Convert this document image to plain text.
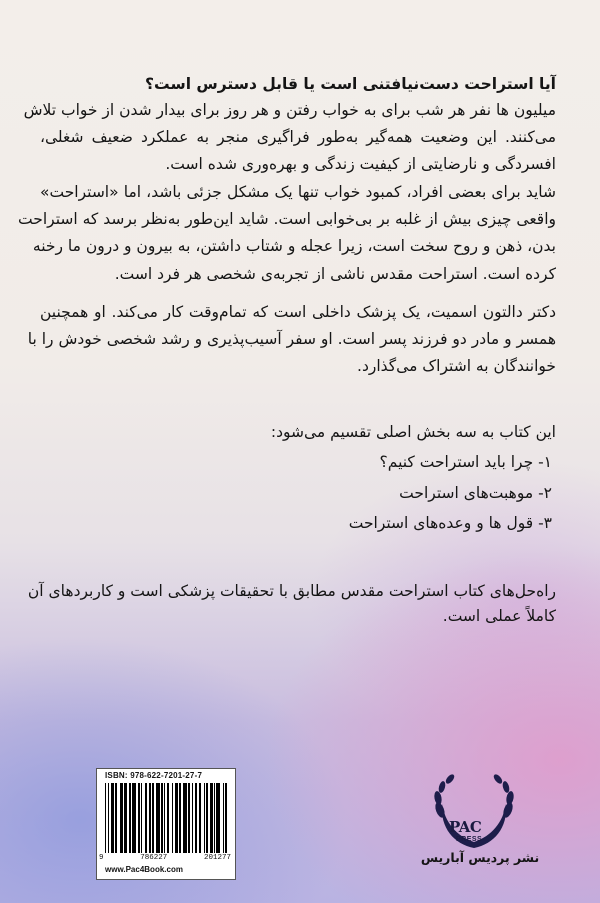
آیا استراحت دست‌نیافتنی است یا قابل دسترس است؟
میلیون ها نفر هر شب برای به خواب رفتن و هر روز برای بیدار شدن از خواب تلاش
می‌کنند. این وضعیت همه‌گیر به‌طور فراگیری منجر به عملکرد ضعیف شغلی،
افسردگی و نارضایتی از کیفیت زندگی و بهره‌وری شده است.
شاید برای بعضی افراد، کمبود خواب تنها یک مشکل جزئی باشد، اما «استراحت»
واقعی چیزی بیش از غلبه بر بی‌خوابی است. شاید این‌طور به‌نظر برسد که استراحت
بدن، ذهن و روح سخت است، زیرا عجله و شتاب داشتن، به بیرون و درون ما رخنه
کرده است. استراحت مقدس ناشی از تجربه‌ی شخصی هر فرد است.
دکتر دالتون اسمیت، یک پزشک داخلی است که تمام‌وقت کار می‌کند. او همچنین
همسر و مادر دو فرزند پسر است. او سفر آسیب‌پذیری و رشد شخصی خودش را با
خوانندگان به اشتراک می‌گذارد.
این کتاب به سه بخش اصلی تقسیم می‌شود:
۱- چرا باید استراحت کنیم؟
۲- موهبت‌های استراحت
۳- قول ها و وعده‌های استراحت
راه‌حل‌های کتاب استراحت مقدس مطابق با تحقیقات پزشکی است و کاربردهای آن
کاملاً عملی است.
ISBN: 978-622-7201-27-7
9	786227	201277
www.Pac4Book.com
PAC
PRESS
نشر پردیس آباریس
